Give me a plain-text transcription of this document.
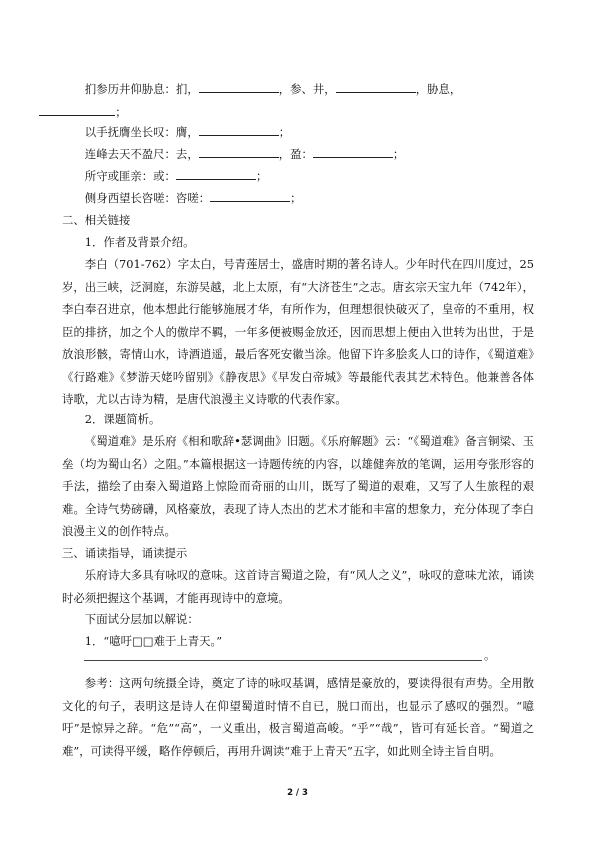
扪参历井仰胁息：扪，	，参、井，	，胁息，
；
以手抚膺坐长叹：膺，	；
连峰去天不盈尺：去，	，盈：	；
所守或匪亲：或：	；
侧身西望长咨嗟：咨嗟：	；
二、相关链接
1．作者及背景介绍。
李白（701-762）字太白，号青莲居士，盛唐时期的著名诗人。少年时代在四川度过，25岁，出三峡，泛洞庭，东游吴越，北上太原，有“大济苍生”之志。唐玄宗天宝九年（742年），李白奉召进京，他本想此行能够施展才华，有所作为，但理想很快破灭了，皇帝的不重用，权臣的排挤，加之个人的傲岸不羁，一年多便被赐金放还，因而思想上便由入世转为出世，于是放浪形骸，寄情山水，诗酒逍遥，最后客死安徽当涂。他留下许多脍炙人口的诗作，《蜀道难》《行路难》《梦游天姥吟留别》《静夜思》《早发白帝城》等最能代表其艺术特色。他兼善各体诗歌，尤以古诗为精，是唐代浪漫主义诗歌的代表作家。
2．课题简析。
《蜀道难》是乐府《相和歌辞•瑟调曲》旧题。《乐府解题》云：“《蜀道难》备言铜梁、玉垒（均为蜀山名）之阻。”本篇根据这一诗题传统的内容，以雄健奔放的笔调，运用夸张形容的手法，描绘了由秦入蜀道路上惊险而奇丽的山川，既写了蜀道的艰难，又写了人生旅程的艰难。全诗气势磅礴，风格豪放，表现了诗人杰出的艺术才能和丰富的想象力，充分体现了李白浪漫主义的创作特点。
三、诵读指导，诵读提示
乐府诗大多具有咏叹的意味。这首诗言蜀道之险，有“风人之义”，咏叹的意味尤浓，诵读时必须把握这个基调，才能再现诗中的意境。
下面试分层加以解说：
1．“噫吁□□难于上青天。”
。
参考：这两句统摄全诗，奠定了诗的咏叹基调，感情是豪放的，要读得很有声势。全用散文化的句子，表明这是诗人在仰望蜀道时情不自已，脱口而出，也显示了感叹的强烈。“噫吁”是惊异之辞。“危”“高”，一义重出，极言蜀道高峻。“乎”“哉”，皆可有延长音。“蜀道之难”，可读得平缓，略作停顿后，再用升调读“难于上青天”五字，如此则全诗主旨自明。
2 / 3
